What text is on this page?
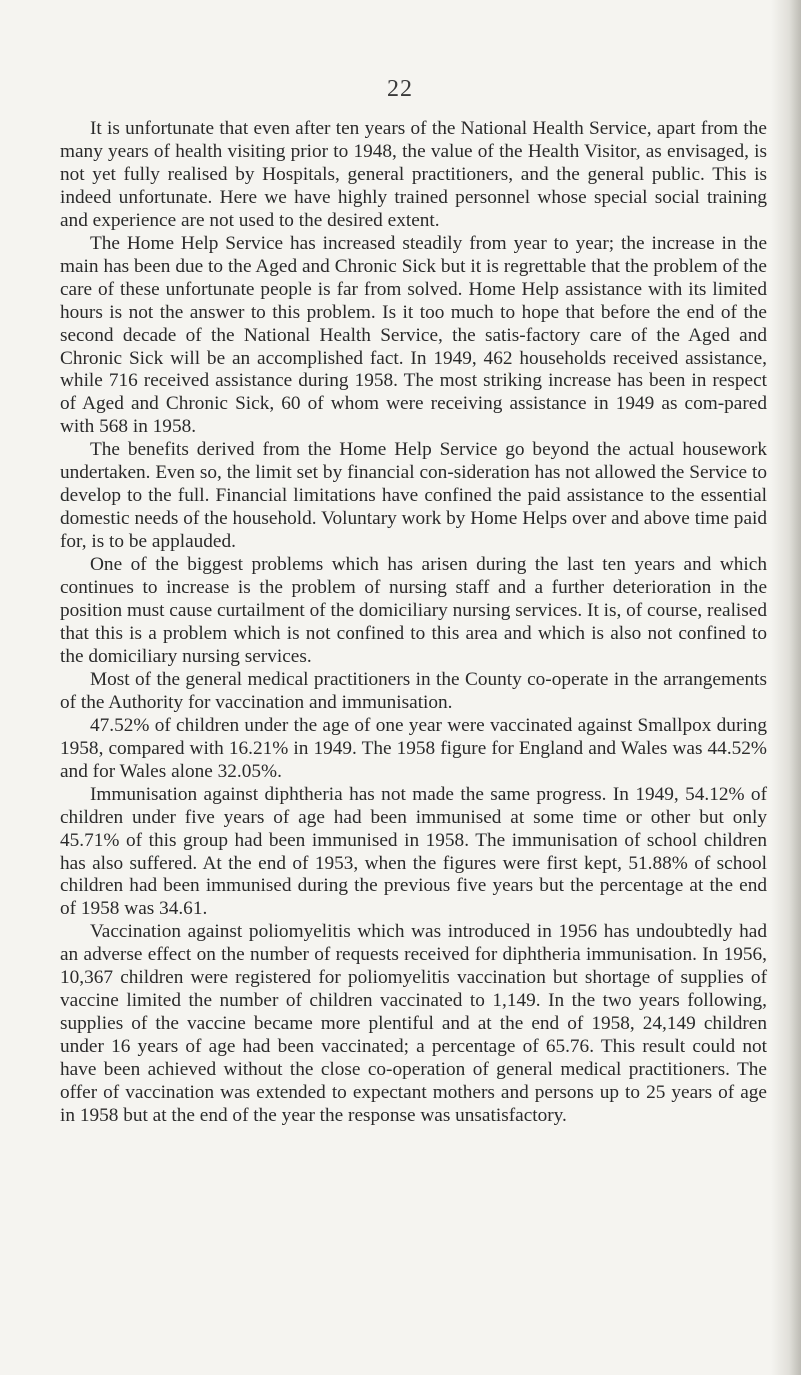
22

It is unfortunate that even after ten years of the National Health Service, apart from the many years of health visiting prior to 1948, the value of the Health Visitor, as envisaged, is not yet fully realised by Hospitals, general practitioners, and the general public. This is indeed unfortunate. Here we have highly trained personnel whose special social training and experience are not used to the desired extent.

The Home Help Service has increased steadily from year to year; the increase in the main has been due to the Aged and Chronic Sick but it is regrettable that the problem of the care of these unfortunate people is far from solved. Home Help assistance with its limited hours is not the answer to this problem. Is it too much to hope that before the end of the second decade of the National Health Service, the satis-factory care of the Aged and Chronic Sick will be an accomplished fact. In 1949, 462 households received assistance, while 716 received assistance during 1958. The most striking increase has been in respect of Aged and Chronic Sick, 60 of whom were receiving assistance in 1949 as com-pared with 568 in 1958.

The benefits derived from the Home Help Service go beyond the actual housework undertaken. Even so, the limit set by financial con-sideration has not allowed the Service to develop to the full. Financial limitations have confined the paid assistance to the essential domestic needs of the household. Voluntary work by Home Helps over and above time paid for, is to be applauded.

One of the biggest problems which has arisen during the last ten years and which continues to increase is the problem of nursing staff and a further deterioration in the position must cause curtailment of the domiciliary nursing services. It is, of course, realised that this is a problem which is not confined to this area and which is also not confined to the domiciliary nursing services.

Most of the general medical practitioners in the County co-operate in the arrangements of the Authority for vaccination and immunisation.

47.52% of children under the age of one year were vaccinated against Smallpox during 1958, compared with 16.21% in 1949. The 1958 figure for England and Wales was 44.52% and for Wales alone 32.05%.

Immunisation against diphtheria has not made the same progress. In 1949, 54.12% of children under five years of age had been immunised at some time or other but only 45.71% of this group had been immunised in 1958. The immunisation of school children has also suffered. At the end of 1953, when the figures were first kept, 51.88% of school children had been immunised during the previous five years but the percentage at the end of 1958 was 34.61.

Vaccination against poliomyelitis which was introduced in 1956 has undoubtedly had an adverse effect on the number of requests received for diphtheria immunisation. In 1956, 10,367 children were registered for poliomyelitis vaccination but shortage of supplies of vaccine limited the number of children vaccinated to 1,149. In the two years following, supplies of the vaccine became more plentiful and at the end of 1958, 24,149 children under 16 years of age had been vaccinated; a percentage of 65.76. This result could not have been achieved without the close co-operation of general medical practitioners. The offer of vaccination was extended to expectant mothers and persons up to 25 years of age in 1958 but at the end of the year the response was unsatisfactory.
